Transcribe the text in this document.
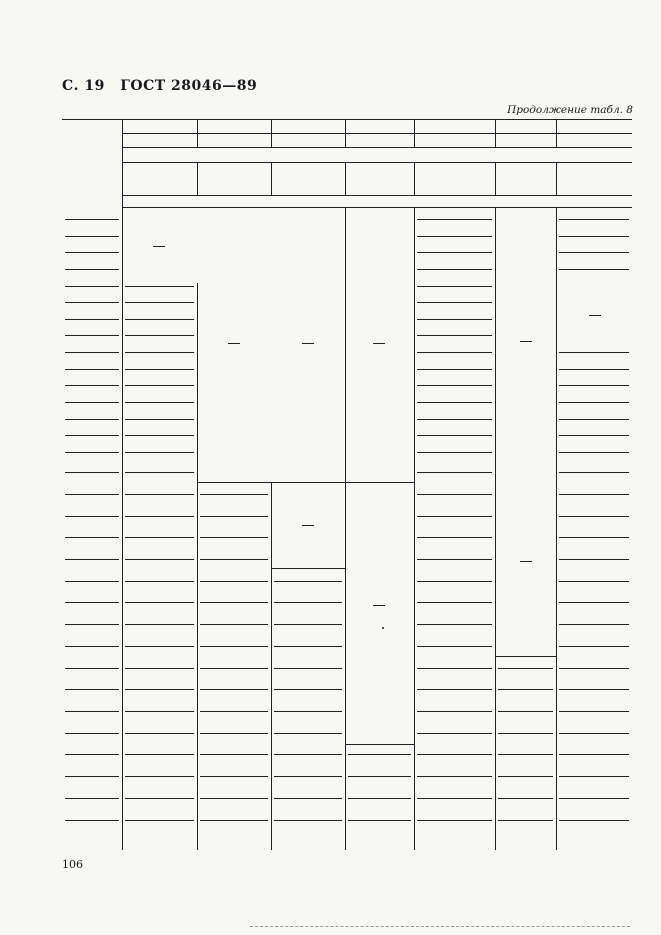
С. 19 ГОСТ 28046—89
Продолжение табл. 8
106
